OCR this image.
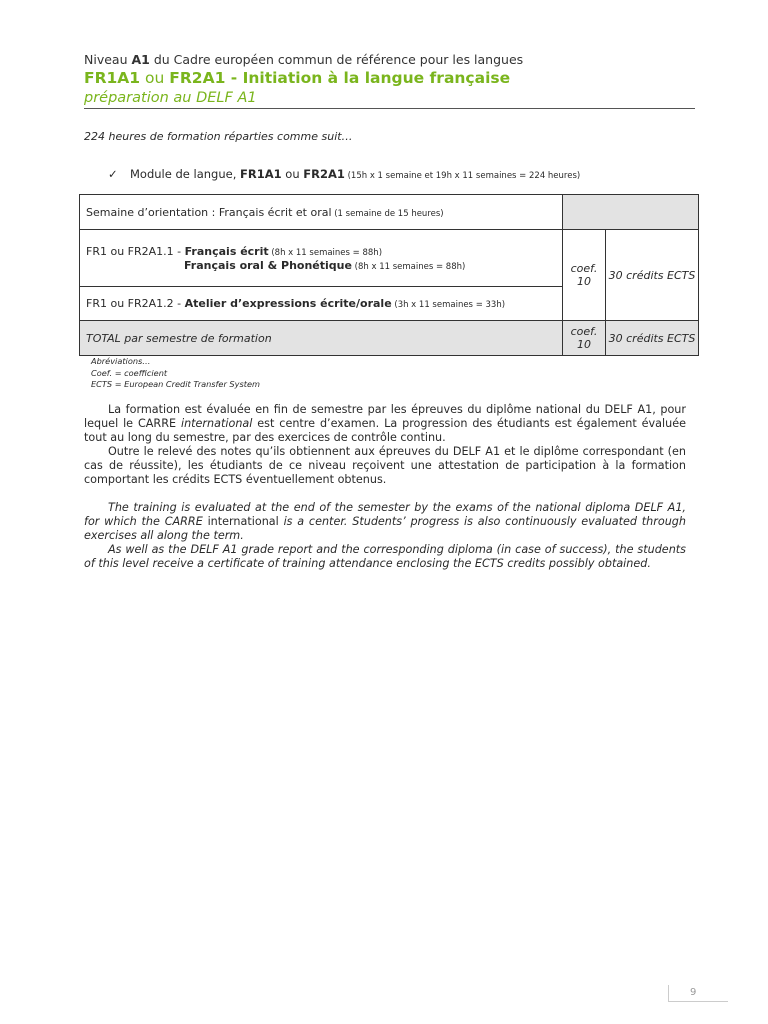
Niveau A1 du Cadre européen commun de référence pour les langues
FR1A1 ou FR2A1 - Initiation à la langue française
préparation au DELF A1
224 heures de formation réparties comme suit…
✓ Module de langue, FR1A1 ou FR2A1 (15h x 1 semaine et 19h x 11 semaines = 224 heures)
Semaine d’orientation : Français écrit et oral (1 semaine de 15 heures)		
FR1 ou FR2A1.1 - Français écrit (8h x 11 semaines = 88h)
Français oral & Phonétique (8h x 11 semaines = 88h)	coef. 10	30 crédits ECTS
FR1 ou FR2A1.2 - Atelier d’expressions écrite/orale (3h x 11 semaines = 33h)		
TOTAL par semestre de formation	coef. 10	30 crédits ECTS
Abréviations…
Coef. = coefficient
ECTS = European Credit Transfer System

La formation est évaluée en fin de semestre par les épreuves du diplôme national du DELF A1, pour lequel le CARRE international est centre d’examen. La progression des étudiants est également évaluée tout au long du semestre, par des exercices de contrôle continu.

Outre le relevé des notes qu’ils obtiennent aux épreuves du DELF A1 et le diplôme correspondant (en cas de réussite), les étudiants de ce niveau reçoivent une attestation de participation à la formation comportant les crédits ECTS éventuellement obtenus.

The training is evaluated at the end of the semester by the exams of the national diploma DELF A1, for which the CARRE international is a center. Students’ progress is also continuously evaluated through exercises all along the term.

As well as the DELF A1 grade report and the corresponding diploma (in case of success), the students of this level receive a certificate of training attendance enclosing the ECTS credits possibly obtained.

9
